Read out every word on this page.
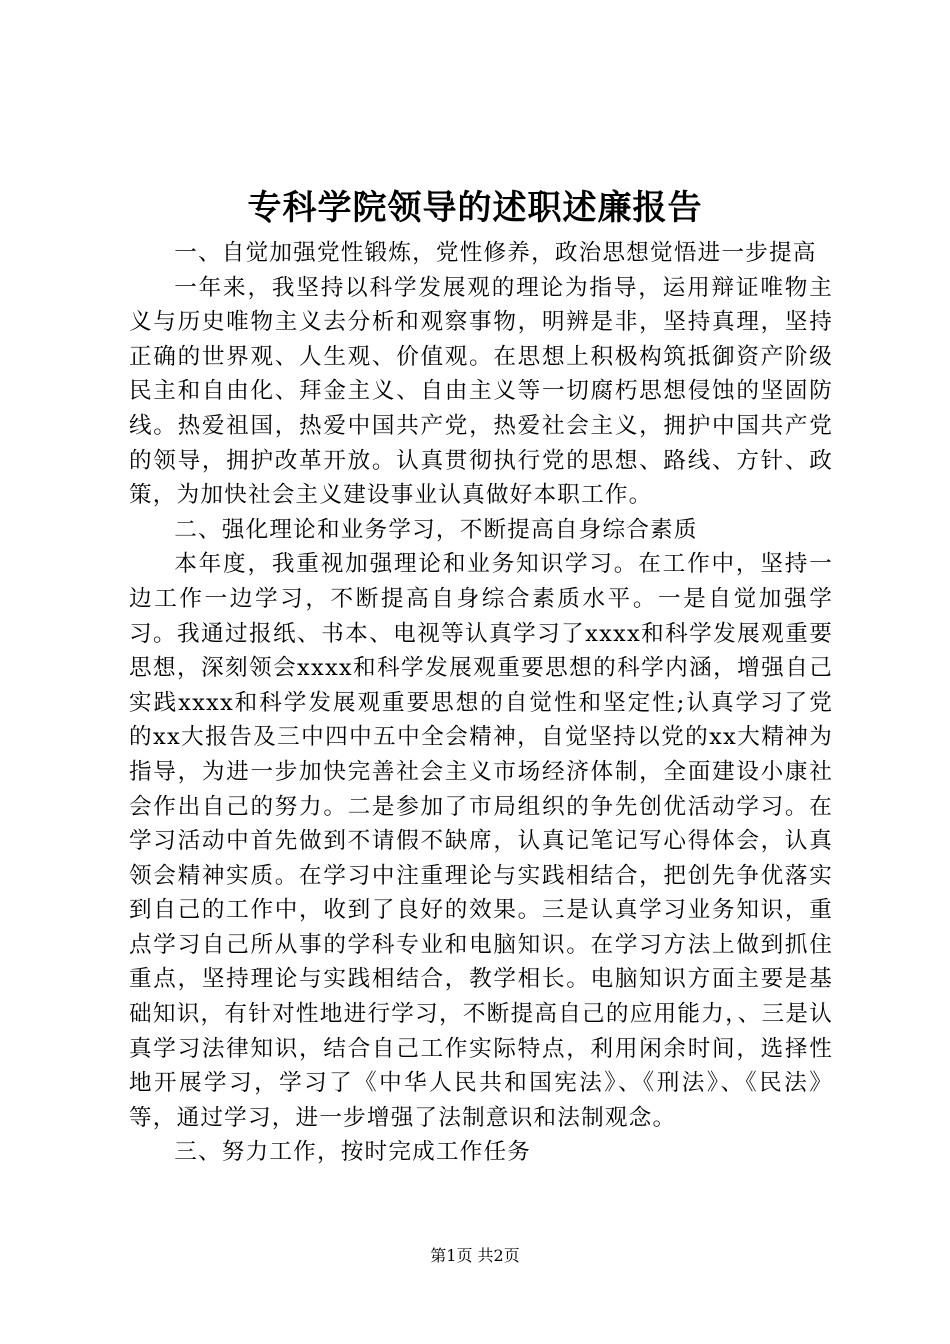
专科学院领导的述职述廉报告

一、自觉加强党性锻炼，党性修养，政治思想觉悟进一步提高

一年来，我坚持以科学发展观的理论为指导，运用辩证唯物主义与历史唯物主义去分析和观察事物，明辨是非，坚持真理，坚持正确的世界观、人生观、价值观。在思想上积极构筑抵御资产阶级民主和自由化、拜金主义、自由主义等一切腐朽思想侵蚀的坚固防线。热爱祖国，热爱中国共产党，热爱社会主义，拥护中国共产党的领导，拥护改革开放。认真贯彻执行党的思想、路线、方针、政策，为加快社会主义建设事业认真做好本职工作。

二、强化理论和业务学习，不断提高自身综合素质

本年度，我重视加强理论和业务知识学习。在工作中，坚持一边工作一边学习，不断提高自身综合素质水平。一是自觉加强学习。我通过报纸、书本、电视等认真学习了xxxx和科学发展观重要思想，深刻领会xxxx和科学发展观重要思想的科学内涵，增强自己实践xxxx和科学发展观重要思想的自觉性和坚定性;认真学习了党的xx大报告及三中四中五中全会精神，自觉坚持以党的xx大精神为指导，为进一步加快完善社会主义市场经济体制，全面建设小康社会作出自己的努力。二是参加了市局组织的争先创优活动学习。在学习活动中首先做到不请假不缺席，认真记笔记写心得体会，认真领会精神实质。在学习中注重理论与实践相结合，把创先争优落实到自己的工作中，收到了良好的效果。三是认真学习业务知识，重点学习自己所从事的学科专业和电脑知识。在学习方法上做到抓住重点，坚持理论与实践相结合，教学相长。电脑知识方面主要是基础知识，有针对性地进行学习，不断提高自己的应用能力，、三是认真学习法律知识，结合自己工作实际特点，利用闲余时间，选择性地开展学习，学习了《中华人民共和国宪法》、《刑法》、《民法》等，通过学习，进一步增强了法制意识和法制观念。

三、努力工作，按时完成工作任务

第1页 共2页
